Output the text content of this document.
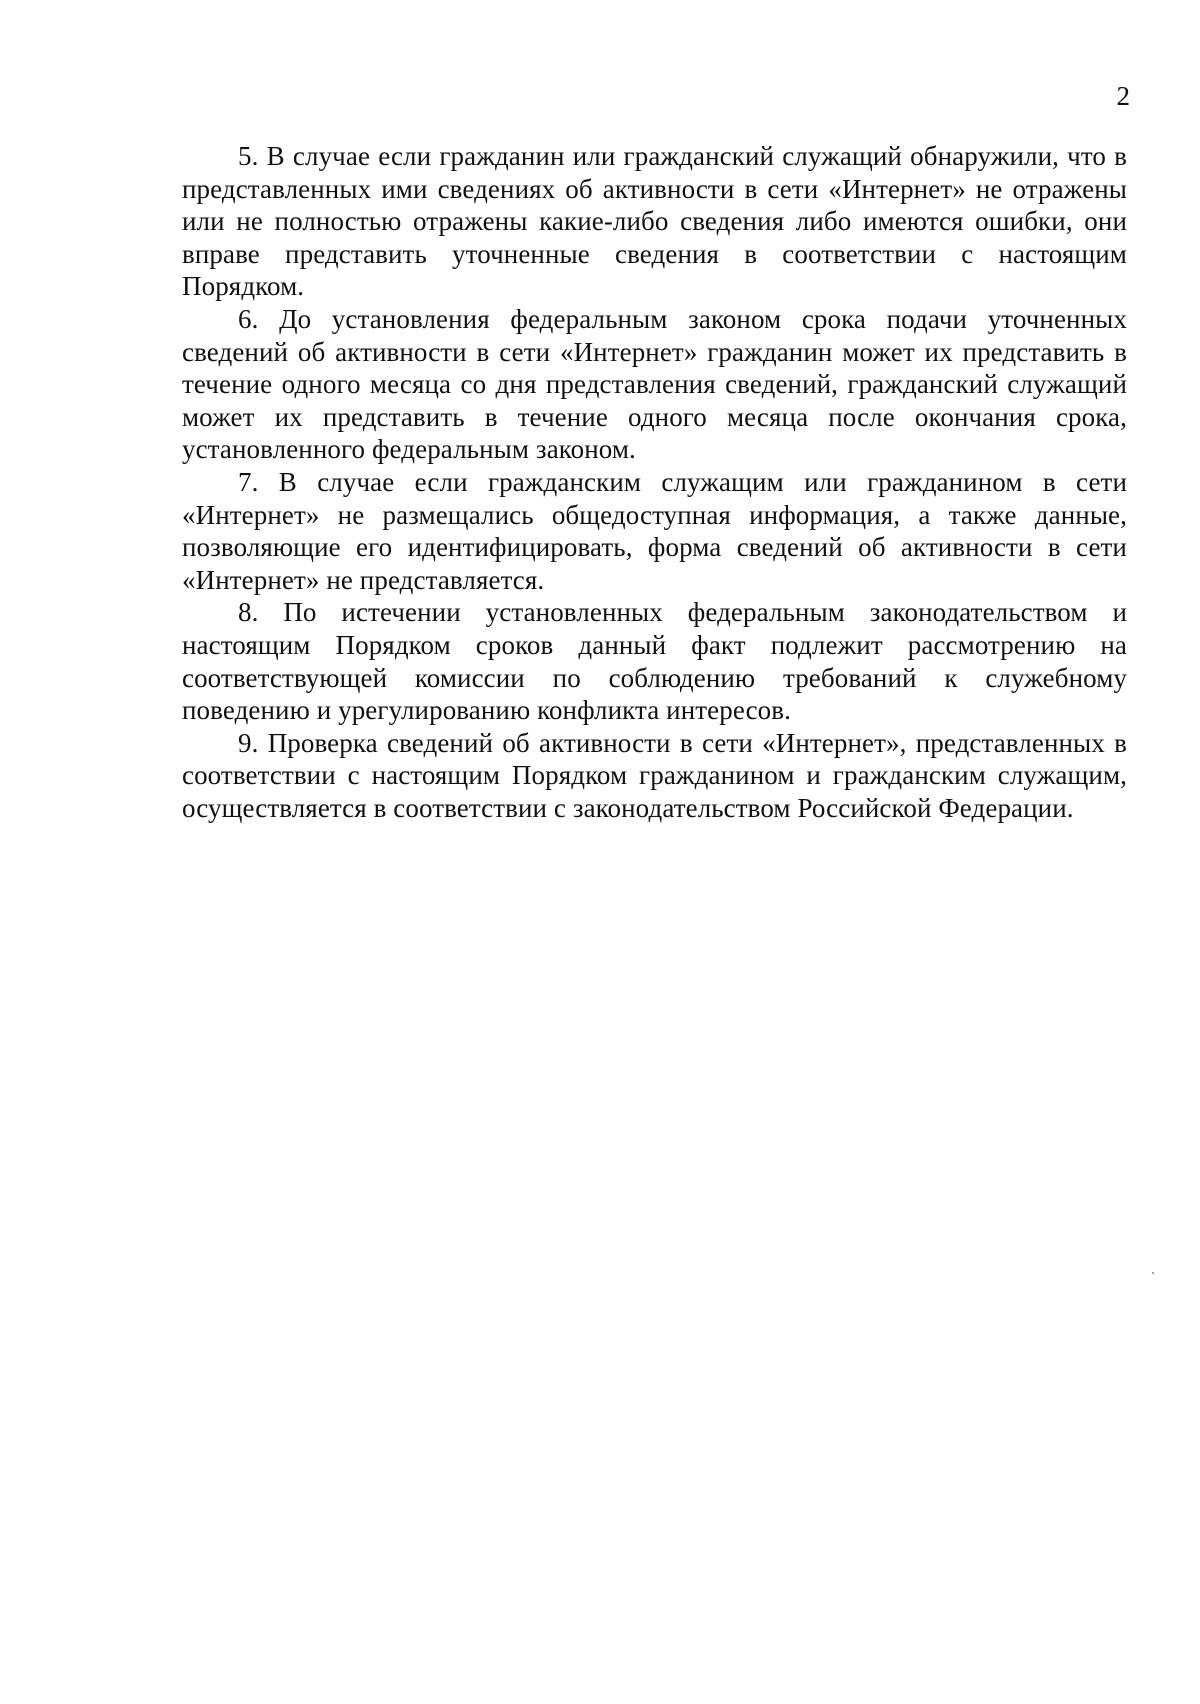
2

5. В случае если гражданин или гражданский служащий обнаружили, что в представленных ими сведениях об активности в сети «Интернет» не отражены или не полностью отражены какие-либо сведения либо имеются ошибки, они вправе представить уточненные сведения в соответствии с настоящим Порядком.

6. До установления федеральным законом срока подачи уточненных сведений об активности в сети «Интернет» гражданин может их представить в течение одного месяца со дня представления сведений, гражданский служащий может их представить в течение одного месяца после окончания срока, установленного федеральным законом.

7. В случае если гражданским служащим или гражданином в сети «Интернет» не размещались общедоступная информация, а также данные, позволяющие его идентифицировать, форма сведений об активности в сети «Интернет» не представляется.

8. По истечении установленных федеральным законодательством и настоящим Порядком сроков данный факт подлежит рассмотрению на соответствующей комиссии по соблюдению требований к служебному поведению и урегулированию конфликта интересов.

9. Проверка сведений об активности в сети «Интернет», представленных в соответствии с настоящим Порядком гражданином и гражданским служащим, осуществляется в соответствии с законодательством Российской Федерации.
